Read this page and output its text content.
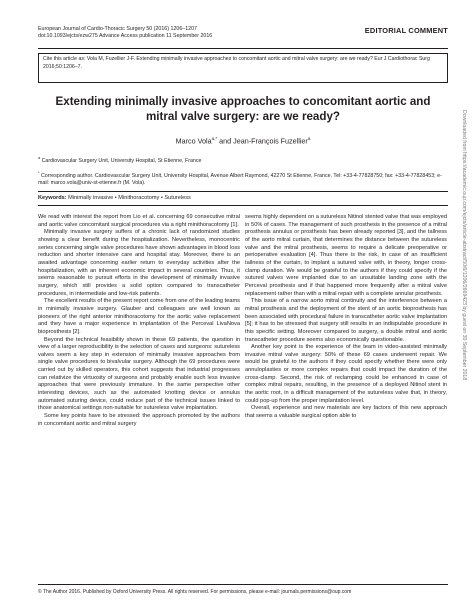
European Journal of Cardio-Thoracic Surgery 50 (2016) 1206–1207
doi:10.1093/ejcts/ezw275 Advance Access publication 11 September 2016
EDITORIAL COMMENT
Cite this article as: Vola M, Fuzellier J-F. Extending minimally invasive approaches to concomitant aortic and mitral valve surgery: are we ready? Eur J Cardiothorac Surg 2016;50:1206–7.
Extending minimally invasive approaches to concomitant aortic and
mitral valve surgery: are we ready?
Marco Vola$^{a,*}$ and Jean-François Fuzellier$^a$
$^a$ Cardiovascular Surgery Unit, University Hospital, St Etienne, France
* Corresponding author. Cardiovascular Surgery Unit, University Hospital, Avenue Albert Raymond, 42270 St Etienne, France. Tel: +33-4-77828750; fax: +33-4-77828453; e-mail: marco.vola@univ-st-etienne.fr (M. Vola).
Keywords: Minimally invasive • Minithoracotomy • Sutureless

We read with interest the report from Lio et al. concerning 69 consecutive mitral and aortic valve concomitant surgical procedures via a right minithoracotomy [1].

Minimally invasive surgery suffers of a chronic lack of randomized studies showing a clear benefit during the hospitalization. Nevertheless, monocentric series concerning single valve procedures have shown advantages in blood loss reduction and shorter intensive care and hospital stay. Moreover, there is an awaited advantage concerning earlier return to everyday activities after the hospitalization, with an inherent economic impact in several countries. Thus, it seems reasonable to pursuit efforts in the development of minimally invasive surgery, which still provides a solid option compared to transcatheter procedures, in intermediate and low-risk patients.

The excellent results of the present report come from one of the leading teams in minimally invasive surgery. Glauber and colleagues are well known as pioneers of the right anterior minithoracotomy for the aortic valve replacement and they have a major experience in implantation of the Perceval LivaNova bioprosthesis [2].

Beyond the technical feasibility shown in these 69 patients, the question in view of a larger reproducibility is the selection of cases and surgeons: sutureless valves seem a key step in extension of minimally invasive approaches from single valve procedures to bivalvular surgery. Although the 69 procedures were carried out by skilled operators, this cohort suggests that industrial progresses can relativize the virtuosity of surgeons and probably enable such less invasive approaches that were previously immature. In the same perspective other interesting devices, such as the automated knotting device or annulus automated suturing device, could reduce part of the technical issues linked to those anatomical settings non-suitable for sutureless valve implantation.

Some key points have to be stressed: the approach promoted by the authors in concomitant aortic and mitral surgery

seems highly dependent on a sutureless Nitinol stented valve that was employed in 50% of cases. The management of such prosthesis in the presence of a mitral prosthesis annulus or prosthesis has been already reported [3], and the tallness of the aorto mitral curtain, that determines the distance between the sutureless valve and the mitral prosthesis, seems to require a delicate preoperative or perioperative evaluation [4]. Thus there is the risk, in case of an insufficient tallness of the curtain, to implant a sutured valve with, in theory, longer cross-clamp duration. We would be grateful to the authors if they could specify if the sutured valves were implanted due to an unsuitable landing zone with the Perceval prosthesis and if that happened more frequently after a mitral valve replacement rather than with a mitral repair with a complete annular prosthesis.

This issue of a narrow aorto mitral continuity and the interference between a mitral prosthesis and the deployment of the stent of an aortic bioprosthesis has been associated with procedural failure in transcatheter aortic valve implantation [5]; it has to be stressed that surgery still results in an indisputable procedure in this specific setting. Moreover compared to surgery, a double mitral and aortic transcatheter procedure seems also economically questionable.

Another key point is the experience of the team in video-assisted minimally invasive mitral valve surgery: 50% of these 69 cases underwent repair. We would be grateful to the authors if they could specify whether there were only annuloplasties or more complex repairs that could impact the duration of the cross-clamp. Second, the risk of reclamping could be enhanced in case of complex mitral repairs, resulting, in the presence of a deployed Nitinol stent in the aortic root, in a difficult management of the sutureless valve that, in theory, could pop-up from the proper implantation level.

Overall, experience and new materials are key factors of this new approach that seems a valuable surgical option able to

© The Author 2016. Published by Oxford University Press. All rights reserved. For permissions, please e-mail: journals.permissions@oup.com
Downloaded from https://academic.oup.com/ejcts/article-abstract/50/6/1206/2669423 by guest on 30 September 2018
